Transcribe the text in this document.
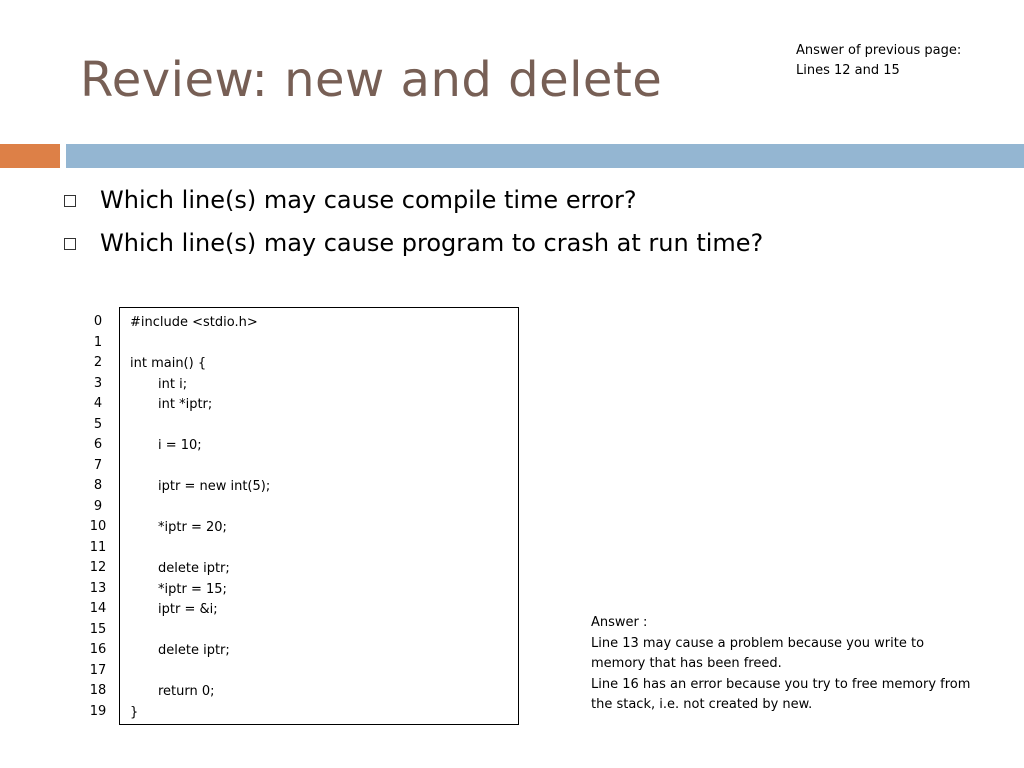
Review: new and delete
Answer of previous page:
Lines 12 and 15
Which line(s) may cause compile time error?
Which line(s) may cause program to crash at run time?
0
1
2
3
4
5
6
7
8
9
10
11
12
13
14
15
16
17
18
19
#include <stdio.h>
int main() {
int i;
int *iptr;
i = 10;
iptr = new int(5);
*iptr = 20;
delete iptr;
*iptr = 15;
iptr = &i;
delete iptr;
return 0;
}
Answer :
Line 13 may cause a problem because you write to
memory that has been freed.
Line 16 has an error because you try to free memory from
the stack, i.e. not created by new.
